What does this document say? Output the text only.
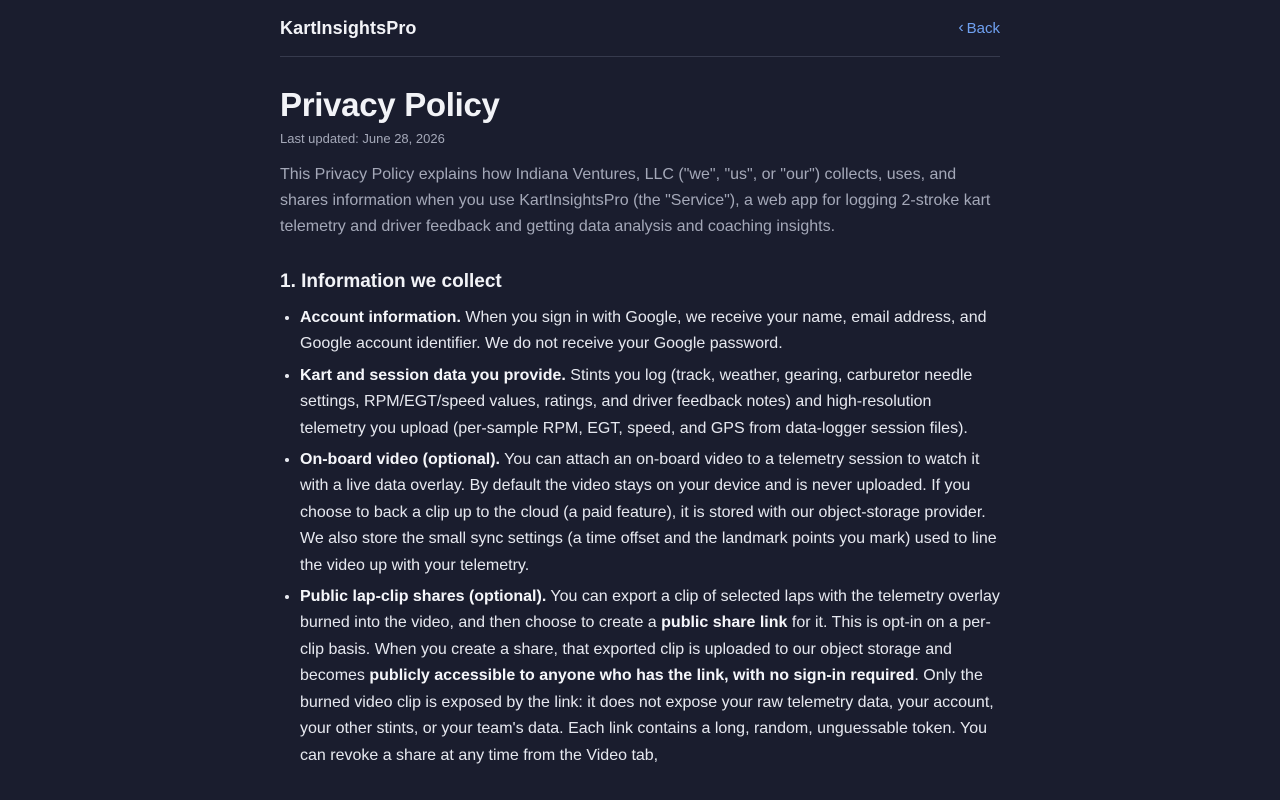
KartInsightsPro	‹ Back
Privacy Policy
Last updated: June 28, 2026

This Privacy Policy explains how Indiana Ventures, LLC ("we", "us", or "our") collects, uses, and shares information when you use KartInsightsPro (the "Service"), a web app for logging 2-stroke kart telemetry and driver feedback and getting data analysis and coaching insights.

1. Information we collect
• Account information. When you sign in with Google, we receive your name, email address, and Google account identifier. We do not receive your Google password.
• Kart and session data you provide. Stints you log (track, weather, gearing, carburetor needle settings, RPM/EGT/speed values, ratings, and driver feedback notes) and high-resolution telemetry you upload (per-sample RPM, EGT, speed, and GPS from data-logger session files).
• On-board video (optional). You can attach an on-board video to a telemetry session to watch it with a live data overlay. By default the video stays on your device and is never uploaded. If you choose to back a clip up to the cloud (a paid feature), it is stored with our object-storage provider. We also store the small sync settings (a time offset and the landmark points you mark) used to line the video up with your telemetry.
• Public lap-clip shares (optional). You can export a clip of selected laps with the telemetry overlay burned into the video, and then choose to create a public share link for it. This is opt-in on a per-clip basis. When you create a share, that exported clip is uploaded to our object storage and becomes publicly accessible to anyone who has the link, with no sign-in required. Only the burned video clip is exposed by the link: it does not expose your raw telemetry data, your account, your other stints, or your team's data. Each link contains a long, random, unguessable token. You can revoke a share at any time from the Video tab,
